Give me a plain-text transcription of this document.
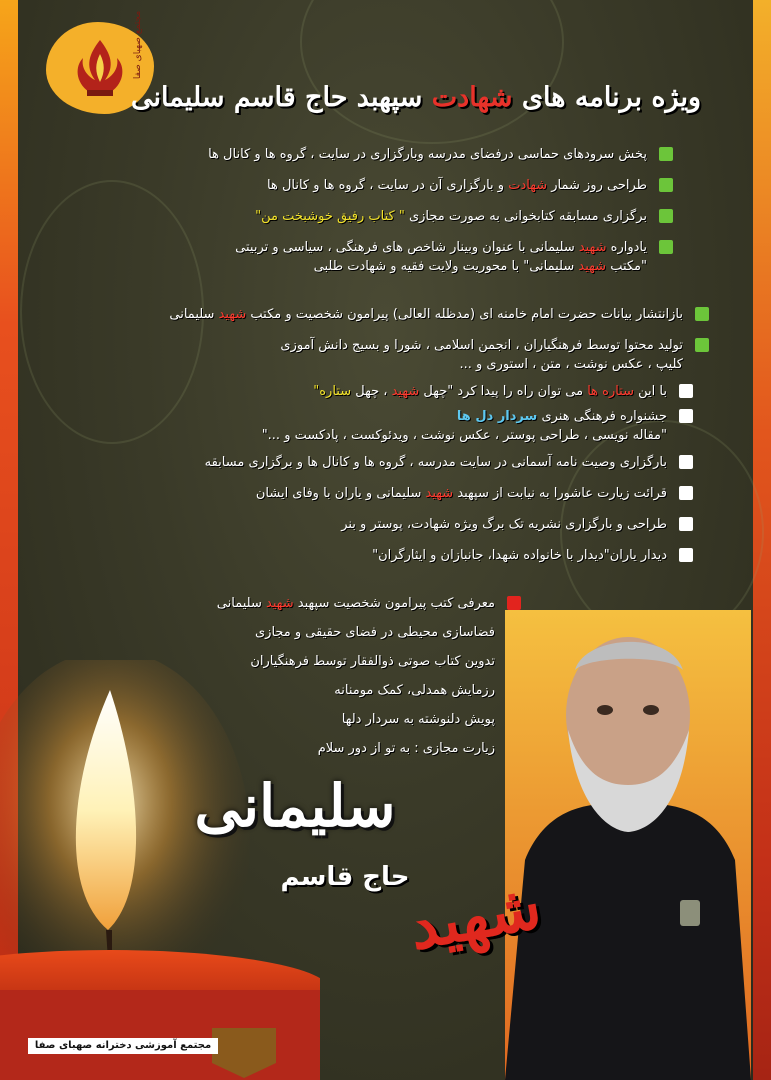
مجتمع صهبای صفا
ویژه برنامه های شهادت سپهبد حاج قاسم سلیمانی
پخش سرودهای حماسی درفضای مدرسه وبارگزاری در سایت ، گروه ها و کانال ها
طراحی روز شمار شهادت و بارگزاری آن در سایت ، گروه ها و کانال ها
برگزاری مسابقه کتابخوانی به صورت مجازی " کتاب رفیق خوشبخت من"
یادواره شهید سلیمانی با عنوان وبینار شاخص های فرهنگی ، سیاسی و تربیتی
"مکتب شهید سلیمانی" با محوریت ولایت فقیه و شهادت طلبی
بازانتشار بیانات حضرت امام خامنه ای (مدظله العالی) پیرامون شخصیت و مکتب شهید سلیمانی
تولید محتوا توسط فرهنگیاران ، انجمن اسلامی ، شورا و بسیج دانش آموزی
کلیپ ، عکس نوشت ، متن ، استوری و ...
با این ستاره ها می توان راه را پیدا کرد "چهل شهید ، چهل ستاره"
جشنواره فرهنگی هنری سردار دل ها
"مقاله نویسی ، طراحی پوستر ، عکس نوشت ، ویدئوکست ، پادکست و ..."
بارگزاری وصیت نامه آسمانی در سایت مدرسه ، گروه ها و کانال ها و برگزاری مسابقه
قرائت زیارت عاشورا به نیابت از سپهبد شهید سلیمانی و یاران با وفای ایشان
طراحی و بارگزاری نشریه تک برگ ویژه شهادت، پوستر و بنر
دیدار یاران"دیدار با خانواده شهدا، جانبازان و ایثارگران"
معرفی کتب پیرامون شخصیت سپهبد شهید سلیمانی
فضاسازی محیطی در فضای حقیقی و مجازی
تدوین کتاب صوتی ذوالفقار توسط فرهنگیاران
رزمایش همدلی، کمک مومنانه
پویش دلنوشته به سردار دلها
زیارت مجازی : به تو از دور سلام
سلیمانی
حاج قاسم
شهید
مجتمع آموزشی دخترانه صهبای صفا
